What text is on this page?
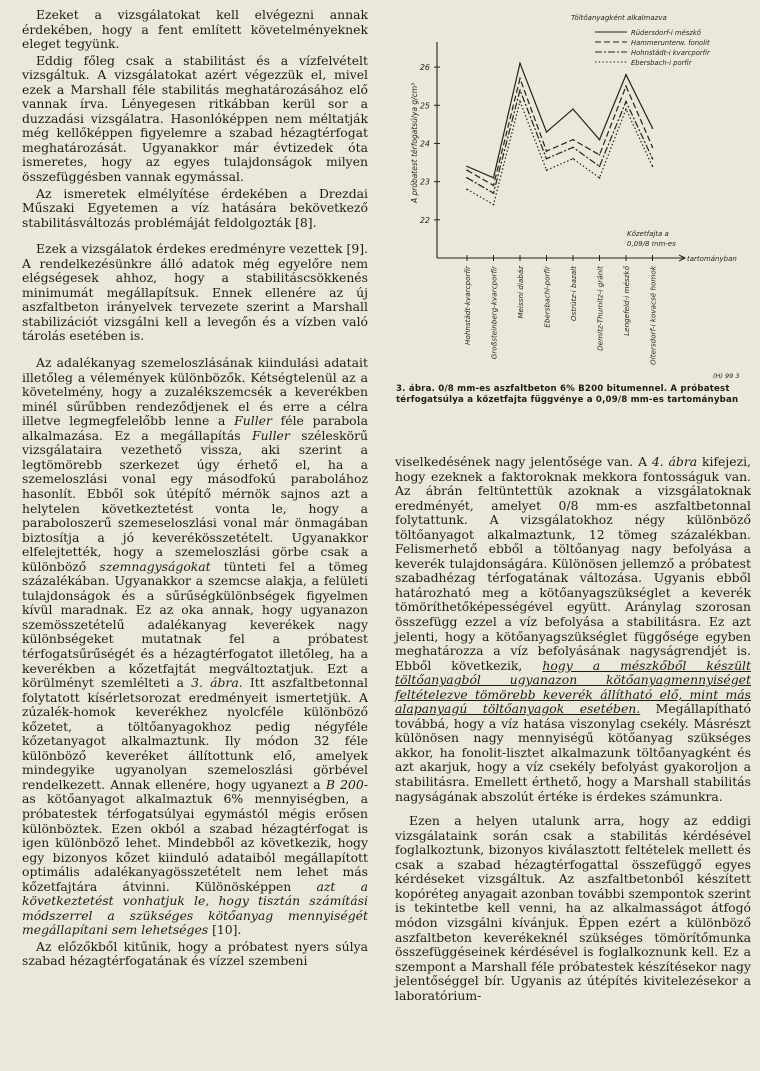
Ezeket a vizsgálatokat kell elvégezni annak érdekében, hogy a fent említett követelményeknek eleget tegyünk.

Eddig főleg csak a stabilitást és a vízfelvételt vizsgáltuk. A vizsgálatokat azért végezzük el, mivel ezek a Marshall féle stabilitás meghatározásához elő vannak írva. Lényegesen ritkábban kerül sor a duzzadási vizsgálatra. Hasonlóképpen nem méltatják még kellőképpen figyelemre a szabad hézagtérfogat meghatározását. Ugyanakkor már évtizedek óta ismeretes, hogy az egyes tulajdonságok milyen összefüggésben vannak egymással.

Az ismeretek elmélyítése érdekében a Drezdai Műszaki Egyetemen a víz hatására bekövetkező stabilitásváltozás problémáját feldolgozták [8].

Ezek a vizsgálatok érdekes eredményre vezettek [9]. A rendelkezésünkre álló adatok még egyelőre nem elégségesek ahhoz, hogy a stabilitáscsökkenés minimumát megállapítsuk. Ennek ellenére az új aszfaltbeton irányelvek tervezete szerint a Marshall stabilizációt vizsgálni kell a levegőn és a vízben való tárolás esetében is.

Az adalékanyag szemeloszlásának kiindulási adatait illetőleg a vélemények különbözők. Kétségtelenül az a követelmény, hogy a zuzalékszemcsék a keverékben minél sűrűbben rendeződjenek el és erre a célra illetve legmegfelelőbb lenne a Fuller féle parabola alkalmazása. Ez a megállapítás Fuller széleskörű vizsgálataira vezethető vissza, aki szerint a legtömörebb szerkezet úgy érhető el, ha a szemeloszlási vonal egy másodfokú parabolához hasonlít. Ebből sok útépítő mérnök sajnos azt a helytelen következtetést vonta le, hogy a paraboloszerű szemeseloszlási vonal már önmagában biztosítja a jó keverékösszetételt. Ugyanakkor elfelejtették, hogy a szemeloszlási görbe csak a különböző szemnagyságokat tünteti fel a tömeg százalékában. Ugyanakkor a szemcse alakja, a felületi tulajdonságok és a sűrűségkülönbségek figyelmen kívül maradnak. Ez az oka annak, hogy ugyanazon szemösszetételű adalékanyag keverékek nagy különbségeket mutatnak fel a próbatest térfogatsűrűségét és a hézagtérfogatot illetőleg, ha a keverékben a kőzetfajtát megváltoztatjuk. Ezt a körülményt szemlélteti a 3. ábra. Itt aszfaltbetonnal folytatott kísérletsorozat eredményeit ismertetjük. A zúzalék-homok keverékhez nyolcféle különböző kőzetet, a töltőanyagokhoz pedig négyféle kőzetanyagot alkalmaztunk. Ily módon 32 féle különböző keveréket állítottunk elő, amelyek mindegyike ugyanolyan szemeloszlási görbével rendelkezett. Annak ellenére, hogy ugyanezt a B 200-as kötőanyagot alkalmaztuk 6% mennyiségben, a próbatestek térfogatsúlyai egymástól mégis erősen különböztek. Ezen okból a szabad hézagtérfogat is igen különböző lehet. Mindebből az következik, hogy egy bizonyos kőzet kiinduló adataiból megállapított optimális adalékanyagösszetételt nem lehet más kőzetfajtára átvinni. Különösképpen azt a következtetést vonhatjuk le, hogy tisztán számítási módszerrel a szükséges kötőanyag mennyiségét megállapítani sem lehetséges [10].

Az előzőkből kitűnik, hogy a próbatest nyers súlya szabad hézagtérfogatának és vízzel szembeni

22
23
24
25
26
A próbatest térfogatsúlya g/cm³
Kőzetfajta a
0,09/8 mm-es
tartományban
Töltőanyagként alkalmazva
Rüdersdorf-i mészkő
Hammerunterw. fonolit
Hohnstädt-i kvarcporfír
Ebersbach-i porfír
Hohnstädt-kvarcporfír Großsteinberg-kvarcporfír Meissni diabáz Ebersbachi-porfír Ostrütz-i bazalt Demitz-Thumitz-i gránit Lengefeld-i mészkő Oltersdorf-i kovacsé homok
(H) 99 3
3. ábra. 0/8 mm-es aszfaltbeton 6% B200 bitumennel. A próbatest térfogatsúlya a kőzetfajta függvénye a 0,09/8 mm-es tartományban

viselkedésének nagy jelentősége van. A 4. ábra kifejezi, hogy ezeknek a faktoroknak mekkora fontosságuk van. Az ábrán feltüntettük azoknak a vizsgálatoknak eredményét, amelyet 0/8 mm-es aszfaltbetonnal folytattunk. A vizsgálatokhoz négy különböző töltőanyagot alkalmaztunk, 12 tömeg százalékban. Felismerhető ebből a töltőanyag nagy befolyása a keverék tulajdonságára. Különösen jellemző a próbatest szabadhézag térfogatának változása. Ugyanis ebből határozható meg a kötőanyagszükséglet a keverék tömöríthetőképességével együtt. Aránylag szorosan összefügg ezzel a víz befolyása a stabilitásra. Ez azt jelenti, hogy a kötőanyagszükséglet függősége egyben meghatározza a víz befolyásának nagyságrendjét is. Ebből következik, hogy a mészkőből készült töltőanyagból ugyanazon kötőanyagmennyiséget feltételezve tömörebb keverék állítható elő, mint más alapanyagú töltőanyagok esetében. Megállapítható továbbá, hogy a víz hatása viszonylag csekély. Másrészt különösen nagy mennyiségű kötőanyag szükséges akkor, ha fonolit-lisztet alkalmazunk töltőanyagként és azt akarjuk, hogy a víz csekély befolyást gyakoroljon a stabilitásra. Emellett érthető, hogy a Marshall stabilitás nagyságának abszolút értéke is érdekes számunkra.

Ezen a helyen utalunk arra, hogy az eddigi vizsgálataink során csak a stabilitás kérdésével foglalkoztunk, bizonyos kiválasztott feltételek mellett és csak a szabad hézagtérfogattal összefüggő egyes kérdéseket vizsgáltuk. Az aszfaltbetonból készített kopóréteg anyagait azonban további szempontok szerint is tekintetbe kell venni, ha az alkalmasságot átfogó módon vizsgálni kívánjuk. Éppen ezért a különböző aszfaltbeton keverékeknél szükséges tömörítőmunka összefüggéseinek kérdésével is foglalkoznunk kell. Ez a szempont a Marshall féle próbatestek készítésekor nagy jelentőséggel bír. Ugyanis az útépítés kivitelezésekor a laboratórium-
